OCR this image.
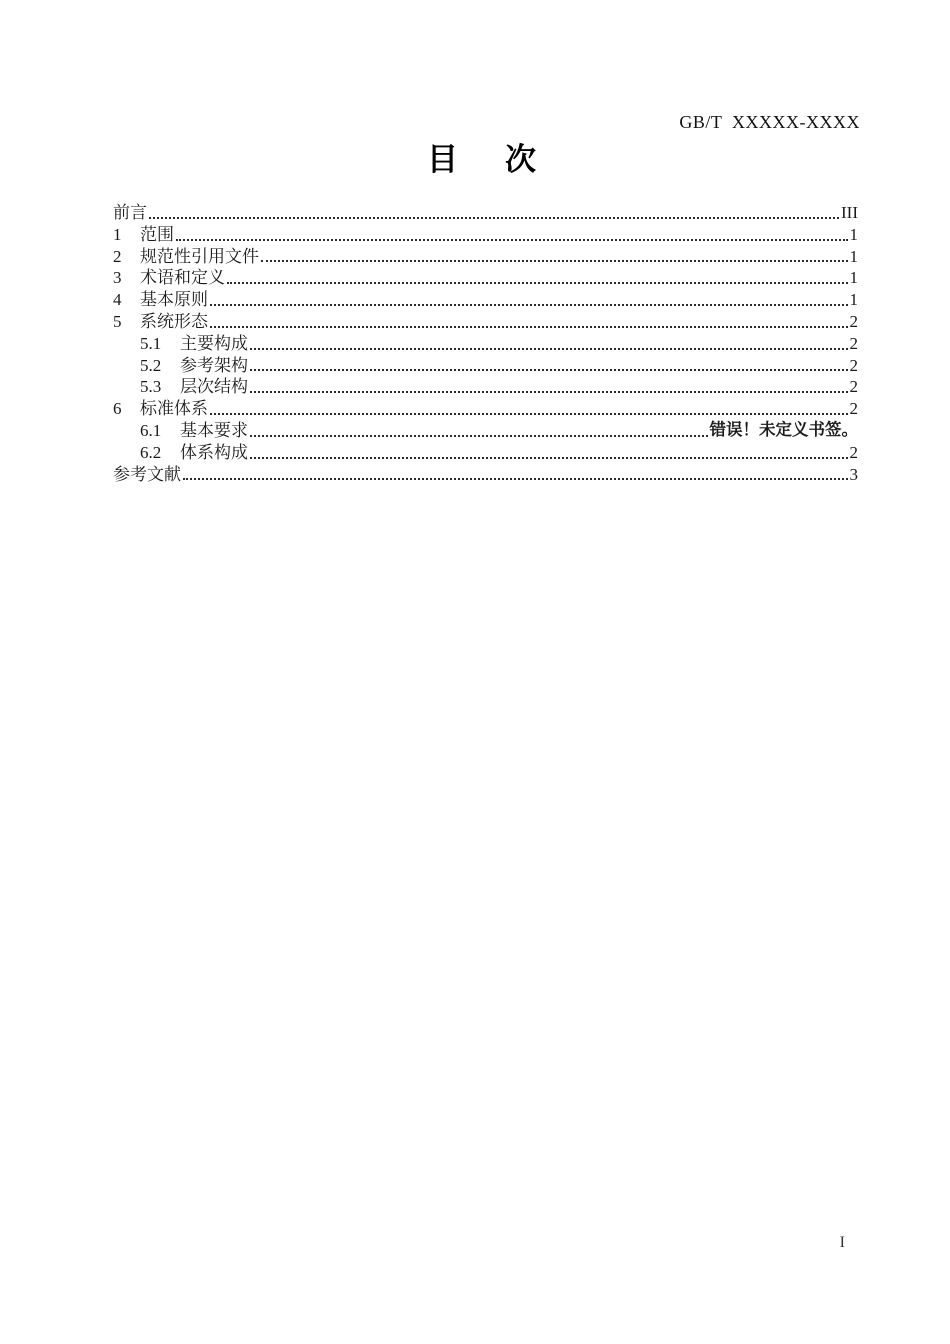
GB/T  XXXXX-XXXX
目　次
前言	III
1	范围	1
2	规范性引用文件	1
3	术语和定义	1
4	基本原则	1
5	系统形态	2
5.1	主要构成	2
5.2	参考架构	2
5.3	层次结构	2
6	标准体系	2
6.1	基本要求	错误！未定义书签。
6.2	体系构成	2
参考文献	3
I
